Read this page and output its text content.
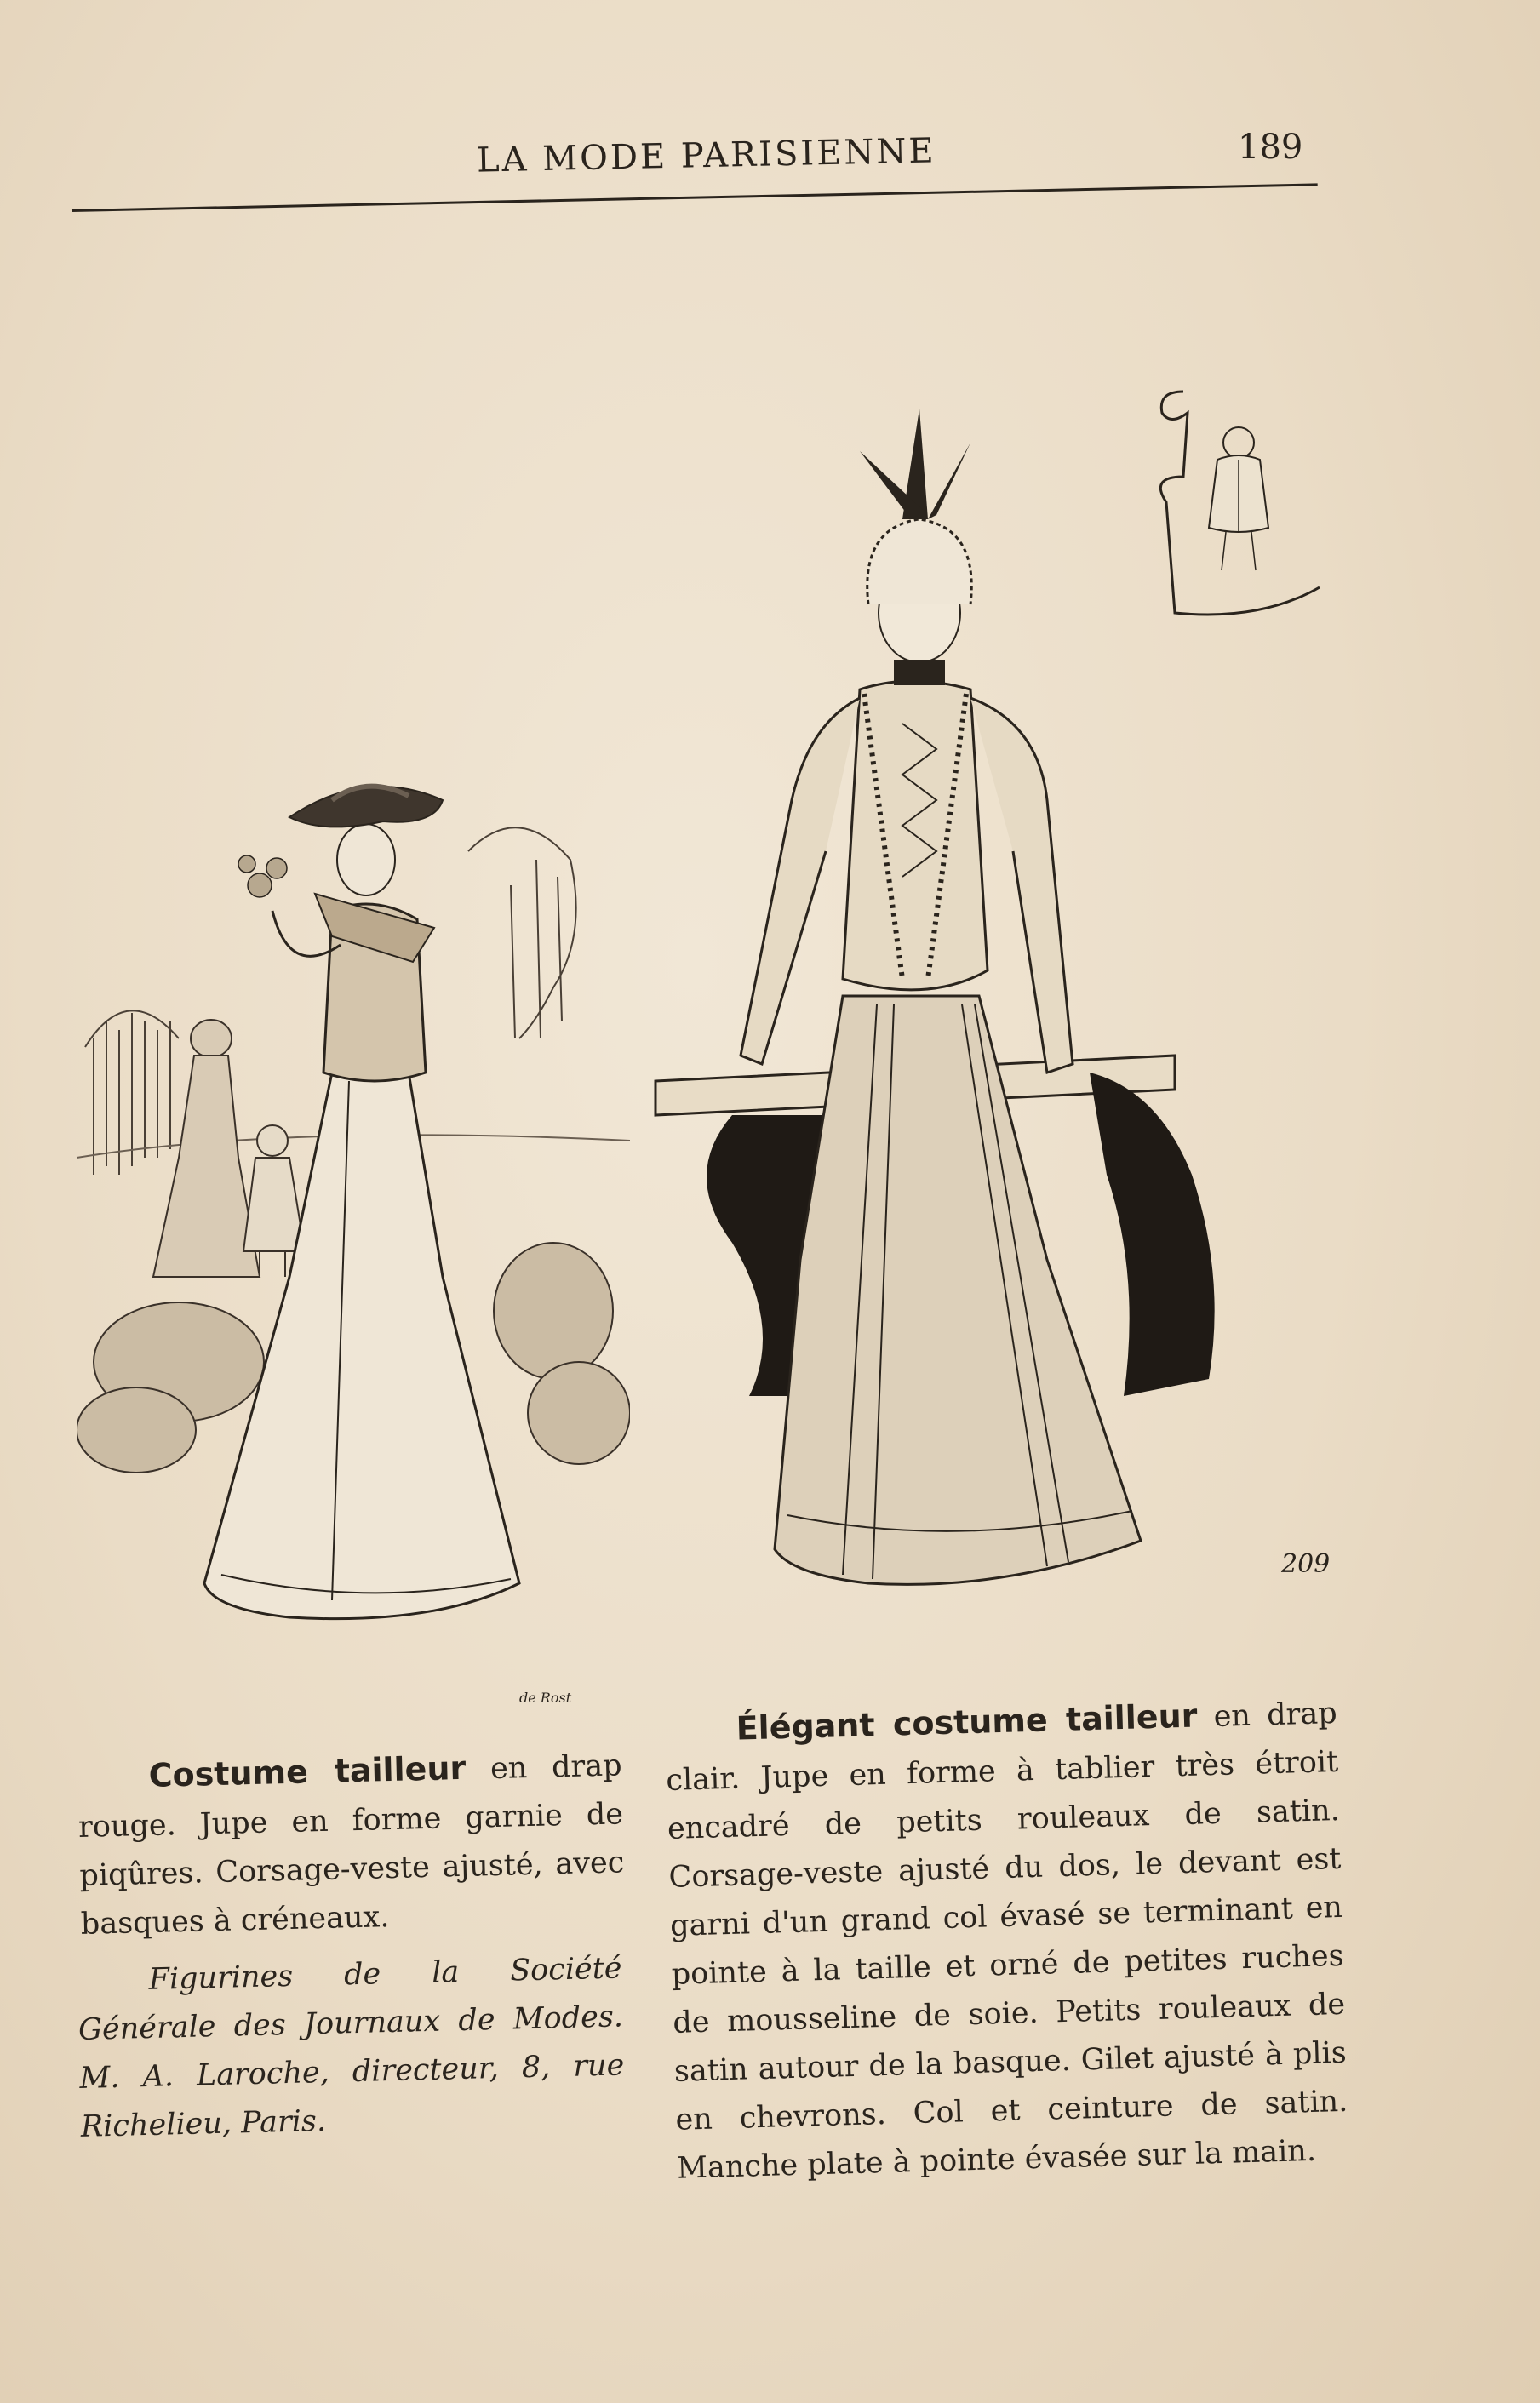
LA MODE PARISIENNE	189
de Rost
209
Costume tailleur en drap rouge. Jupe en forme garnie de piqûres. Corsage-veste ajusté, avec basques à créneaux.
Figurines de la Société Générale des Journaux de Modes. M. A. Laroche, directeur, 8, rue Richelieu, Paris.
Élégant costume tailleur en drap clair. Jupe en forme à tablier très étroit encadré de petits rouleaux de satin. Corsage-veste ajusté du dos, le devant est garni d'un grand col évasé se terminant en pointe à la taille et orné de petites ruches de mousseline de soie. Petits rouleaux de satin autour de la basque. Gilet ajusté à plis en chevrons. Col et ceinture de satin. Manche plate à pointe évasée sur la main.
